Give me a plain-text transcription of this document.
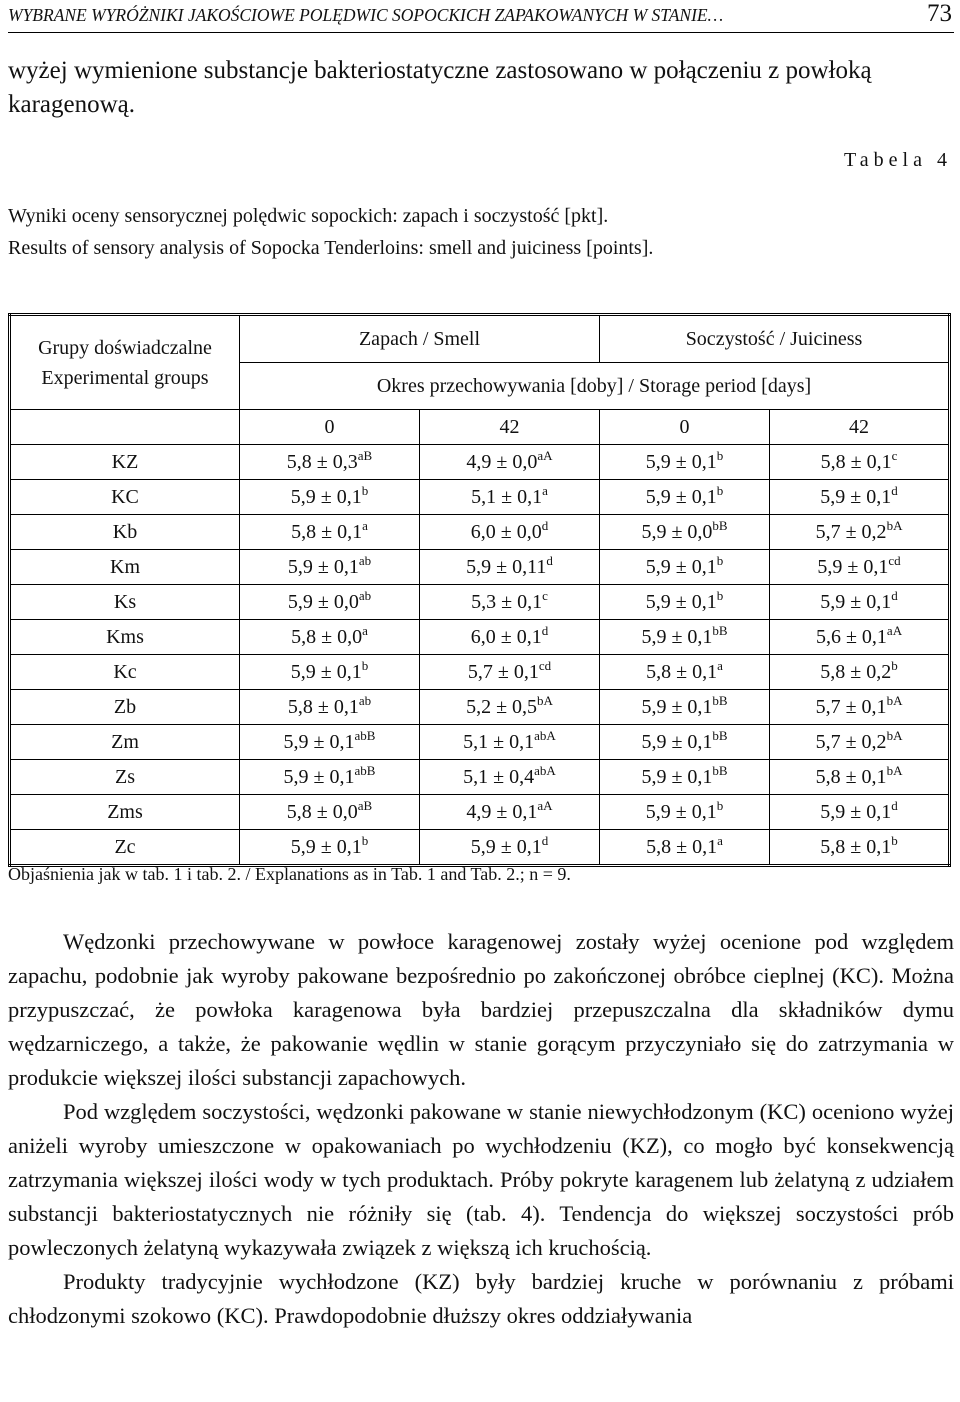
WYBRANE WYRÓŻNIKI JAKOŚCIOWE POLĘDWIC SOPOCKICH ZAPAKOWANYCH W STANIE…	73
wyżej wymienione substancje bakteriostatyczne zastosowano w połączeniu z powłoką karagenową.
Tabela 4
Wyniki oceny sensorycznej polędwic sopockich: zapach i soczystość [pkt].
Results of sensory analysis of Sopocka Tenderloins: smell and juiciness [points].
Grupy doświadczalne
Experimental groups	Zapach / Smell		Soczystość / Juiciness	
	Okres przechowywania [doby] / Storage period [days]			
	0	42	0	42
KZ	$5,8 \pm 0,3^{aB}$	$4,9 \pm 0,0^{aA}$	5,9 ± 0,1$^b$	5,8 ± 0,1$^c$
KC	5,9 ± 0,1$^b$	5,1 ± 0,1$^a$	5,9 ± 0,1$^b$	5,9 ± 0,1$^d$
Kb	5,8 ± 0,1$^a$	6,0 ± 0,0$^d$	$5,9 \pm 0,0^{bB}$	$5,7 \pm 0,2^{bA}$
Km	5,9 ± 0,1$^{ab}$	5,9 ± 0,11$^d$	5,9 ± 0,1$^b$	5,9 ± 0,1$^{cd}$
Ks	5,9 ± 0,0$^{ab}$	5,3 ± 0,1$^c$	5,9 ± 0,1$^b$	5,9 ± 0,1$^d$
Kms	5,8 ± 0,0$^a$	6,0 ± 0,1$^d$	$5,9 \pm 0,1^{bB}$	$5,6 \pm 0,1^{aA}$
Kc	5,9 ± 0,1$^b$	5,7 ± 0,1$^{cd}$	5,8 ± 0,1$^a$	5,8 ± 0,2$^b$
Zb	5,8 ± 0,1$^{ab}$	$5,2 \pm 0,5^{bA}$	$5,9 \pm 0,1^{bB}$	$5,7 \pm 0,1^{bA}$
Zm	$5,9 \pm 0,1^{abB}$	$5,1 \pm 0,1^{abA}$	$5,9 \pm 0,1^{bB}$	$5,7 \pm 0,2^{bA}$
Zs	$5,9 \pm 0,1^{abB}$	$5,1 \pm 0,4^{abA}$	$5,9 \pm 0,1^{bB}$	$5,8 \pm 0,1^{bA}$
Zms	$5,8 \pm 0,0^{aB}$	$4,9 \pm 0,1^{aA}$	5,9 ± 0,1$^b$	5,9 ± 0,1$^d$
Zc	5,9 ± 0,1$^b$	5,9 ± 0,1$^d$	5,8 ± 0,1$^a$	5,8 ± 0,1$^b$
Objaśnienia jak w tab. 1 i tab. 2. / Explanations as in Tab. 1 and Tab. 2.; n = 9.

Wędzonki przechowywane w powłoce karagenowej zostały wyżej ocenione pod względem zapachu, podobnie jak wyroby pakowane bezpośrednio po zakończonej obróbce cieplnej (KC). Można przypuszczać, że powłoka karagenowa była bardziej przepuszczalna dla składników dymu wędzarniczego, a także, że pakowanie wędlin w stanie gorącym przyczyniało się do zatrzymania w produkcie większej ilości substancji zapachowych.

Pod względem soczystości, wędzonki pakowane w stanie niewychłodzonym (KC) oceniono wyżej aniżeli wyroby umieszczone w opakowaniach po wychłodzeniu (KZ), co mogło być konsekwencją zatrzymania większej ilości wody w tych produktach. Próby pokryte karagenem lub żelatyną z udziałem substancji bakteriostatycznych nie różniły się (tab. 4). Tendencja do większej soczystości prób powleczonych żelatyną wykazywała związek z większą ich kruchością.

Produkty tradycyjnie wychłodzone (KZ) były bardziej kruche w porównaniu z próbami chłodzonymi szokowo (KC). Prawdopodobnie dłuższy okres oddziaływania
